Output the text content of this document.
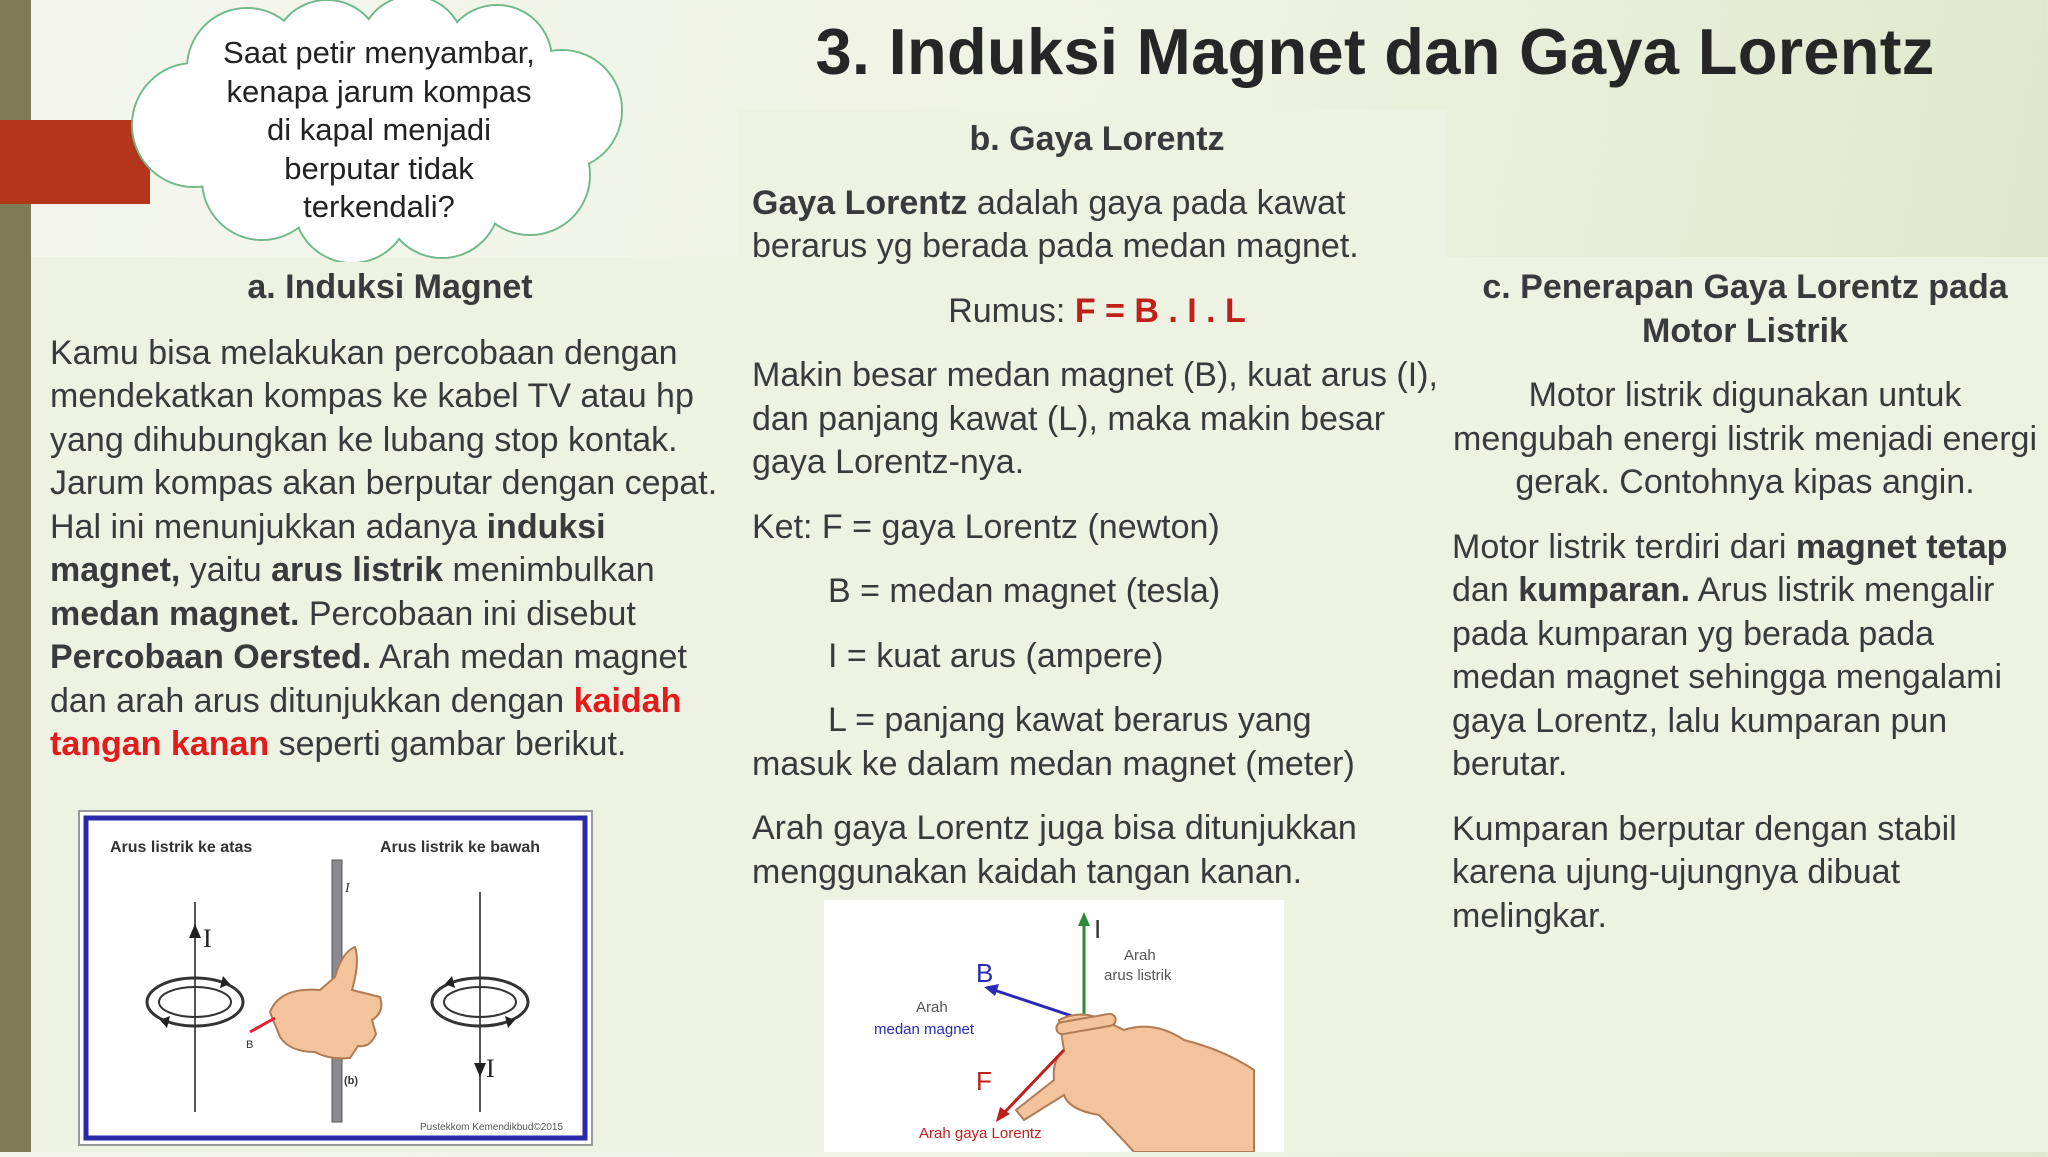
Saat petir menyambar,
kenapa jarum kompas
di kapal menjadi
berputar tidak
terkendali?
3. Induksi Magnet dan Gaya Lorentz

a. Induksi Magnet

Kamu bisa melakukan percobaan dengan mendekatkan kompas ke kabel TV atau hp yang dihubungkan ke lubang stop kontak. Jarum kompas akan berputar dengan cepat. Hal ini menunjukkan adanya induksi magnet, yaitu arus listrik menimbulkan medan magnet. Percobaan ini disebut Percobaan Oersted. Arah medan magnet dan arah arus ditunjukkan dengan kaidah tangan kanan seperti gambar berikut.

Arus listrik ke atas	Arus listrik ke bawah
I
I
B
(b)	I
Pustekkom Kemendikbud©2015

b. Gaya Lorentz

Gaya Lorentz adalah gaya pada kawat berarus yg berada pada medan magnet.

Rumus: F = B . I . L

Makin besar medan magnet (B), kuat arus (I), dan panjang kawat (L), maka makin besar gaya Lorentz-nya.

Ket: F = gaya Lorentz (newton)

B = medan magnet (tesla)

I = kuat arus (ampere)

L = panjang kawat berarus yang

masuk ke dalam medan magnet (meter)

Arah gaya Lorentz juga bisa ditunjukkan menggunakan kaidah tangan kanan.

I
Arah
arus listrik
B
Arah
medan magnet
F
Arah gaya Lorentz

c. Penerapan Gaya Lorentz pada Motor Listrik

Motor listrik digunakan untuk mengubah energi listrik menjadi energi gerak. Contohnya kipas angin.

Motor listrik terdiri dari magnet tetap dan kumparan. Arus listrik mengalir pada kumparan yg berada pada medan magnet sehingga mengalami gaya Lorentz, lalu kumparan pun berutar.

Kumparan berputar dengan stabil karena ujung-ujungnya dibuat melingkar.
